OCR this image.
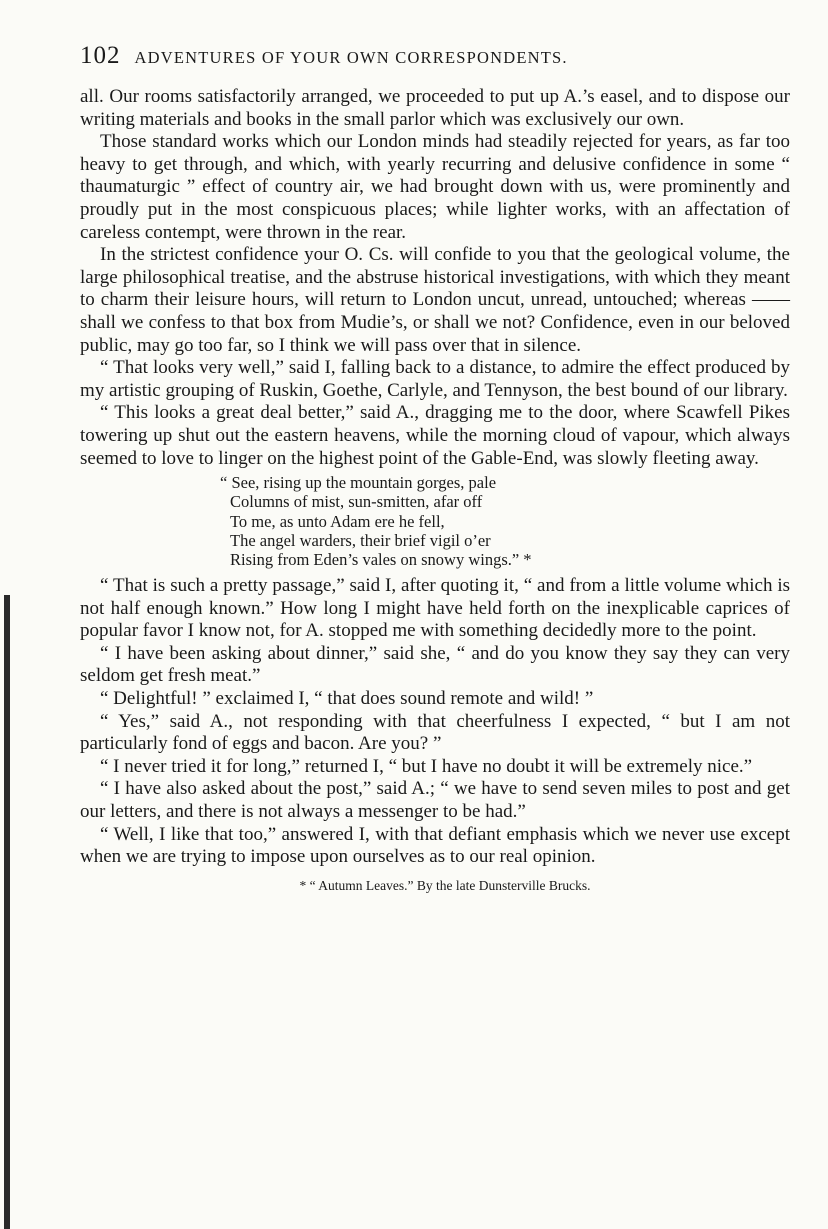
102 ADVENTURES OF YOUR OWN CORRESPONDENTS.

all. Our rooms satisfactorily arranged, we proceeded to put up A.’s easel, and to dispose our writing materials and books in the small parlor which was exclusively our own.

Those standard works which our London minds had steadily rejected for years, as far too heavy to get through, and which, with yearly recurring and delusive confidence in some “ thaumaturgic ” effect of country air, we had brought down with us, were prominently and proudly put in the most conspicuous places; while lighter works, with an affectation of careless contempt, were thrown in the rear.

In the strictest confidence your O. Cs. will confide to you that the geological volume, the large philosophical treatise, and the abstruse historical investigations, with which they meant to charm their leisure hours, will return to London uncut, unread, untouched; whereas —— shall we confess to that box from Mudie’s, or shall we not? Confidence, even in our beloved public, may go too far, so I think we will pass over that in silence.

“ That looks very well,” said I, falling back to a distance, to admire the effect produced by my artistic grouping of Ruskin, Goethe, Carlyle, and Tennyson, the best bound of our library.

“ This looks a great deal better,” said A., dragging me to the door, where Scawfell Pikes towering up shut out the eastern heavens, while the morning cloud of vapour, which always seemed to love to linger on the highest point of the Gable-End, was slowly fleeting away.

“ See, rising up the mountain gorges, pale
Columns of mist, sun-smitten, afar off
To me, as unto Adam ere he fell,
The angel warders, their brief vigil o’er
Rising from Eden’s vales on snowy wings.” *

“ That is such a pretty passage,” said I, after quoting it, “ and from a little volume which is not half enough known.” How long I might have held forth on the inexplicable caprices of popular favor I know not, for A. stopped me with something decidedly more to the point.

“ I have been asking about dinner,” said she, “ and do you know they say they can very seldom get fresh meat.”

“ Delightful! ” exclaimed I, “ that does sound remote and wild! ”

“ Yes,” said A., not responding with that cheerfulness I expected, “ but I am not particularly fond of eggs and bacon. Are you? ”

“ I never tried it for long,” returned I, “ but I have no doubt it will be extremely nice.”

“ I have also asked about the post,” said A.; “ we have to send seven miles to post and get our letters, and there is not always a messenger to be had.”

“ Well, I like that too,” answered I, with that defiant emphasis which we never use except when we are trying to impose upon ourselves as to our real opinion.

* “ Autumn Leaves.” By the late Dunsterville Brucks.
